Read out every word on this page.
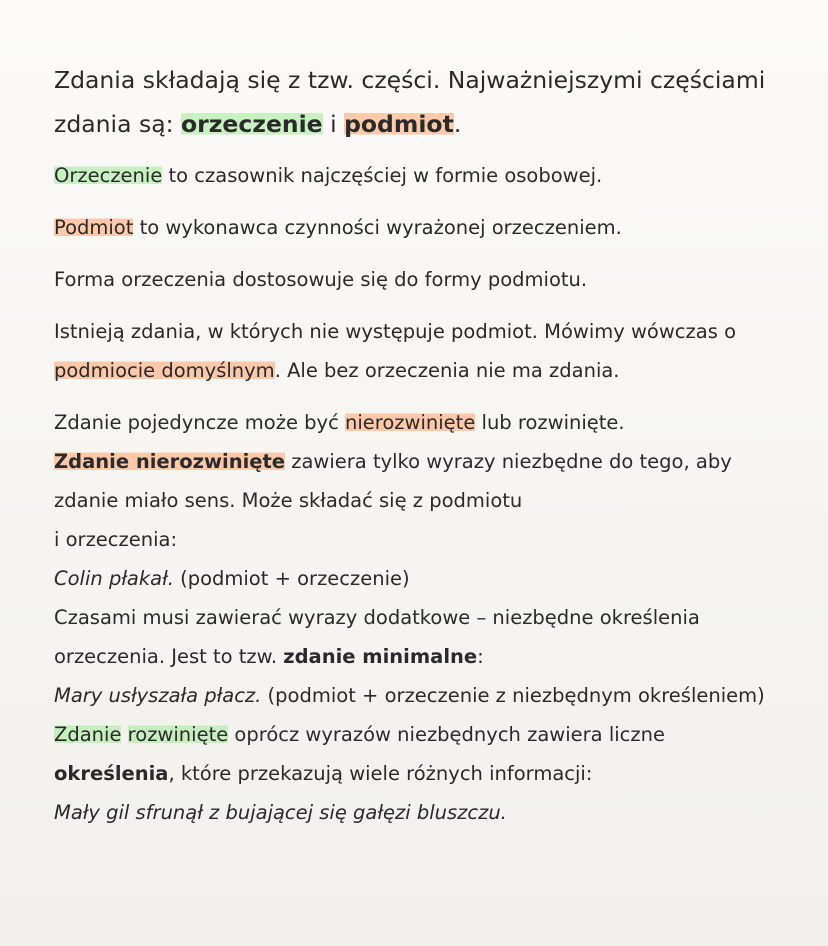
Zdania składają się z tzw. części. Najważniejszymi częściami zdania są: orzeczenie i podmiot.

Orzeczenie to czasownik najczęściej w formie osobowej.

Podmiot to wykonawca czynności wyrażonej orzeczeniem.

Forma orzeczenia dostosowuje się do formy podmiotu.

Istnieją zdania, w których nie występuje podmiot. Mówimy wówczas o podmiocie domyślnym. Ale bez orzeczenia nie ma zdania.

Zdanie pojedyncze może być nierozwinięte lub rozwinięte.

Zdanie nierozwinięte zawiera tylko wyrazy niezbędne do tego, aby zdanie miało sens. Może składać się z podmiotu
i orzeczenia:

Colin płakał. (podmiot + orzeczenie)

Czasami musi zawierać wyrazy dodatkowe – niezbędne określenia orzeczenia. Jest to tzw. zdanie minimalne:

Mary usłyszała płacz. (podmiot + orzeczenie z niezbędnym określeniem)

Zdanie rozwinięte oprócz wyrazów niezbędnych zawiera liczne określenia, które przekazują wiele różnych informacji:

Mały gil sfrunął z bujającej się gałęzi bluszczu.
